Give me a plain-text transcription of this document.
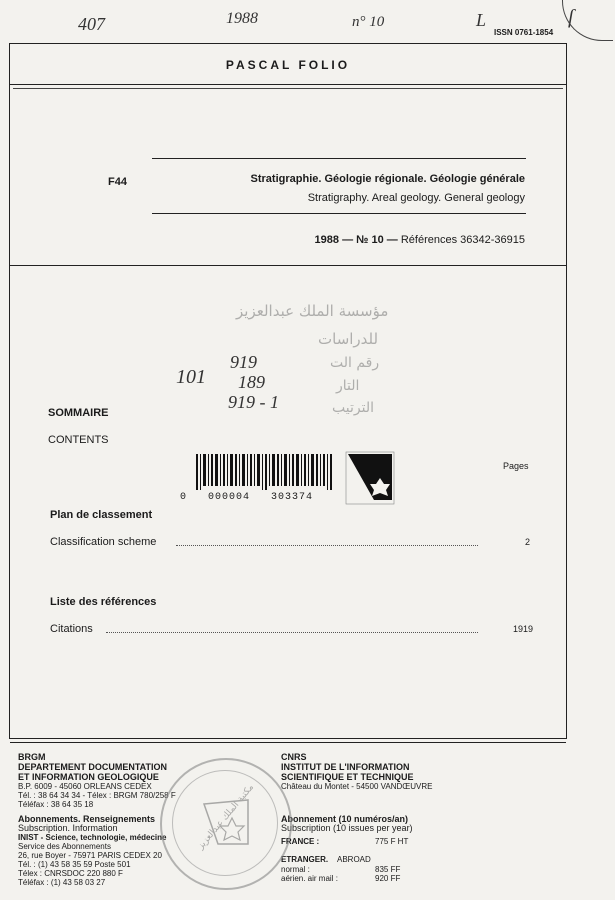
407	1988	n° 10	L
ISSN 0761-1854
ſ
PASCAL FOLIO
F44	Stratigraphie. Géologie régionale. Géologie générale
Stratigraphy. Areal geology. General geology
1988 — № 10 — Références 36342-36915
مؤسسة الملك عبدالعزيز
للدراسات
رقم الت
التار
الترتيب
101
919
189
919 - 1
SOMMAIRE
CONTENTS
Pages
0   000004   303374
Plan de classement
Classification scheme	2
Liste des références
Citations	1919
BRGM
DEPARTEMENT DOCUMENTATION
ET INFORMATION GEOLOGIQUE
B.P. 6009 - 45060 ORLEANS CEDEX
Tél. : 38 64 34 34 - Télex : BRGM 780/258 F
Téléfax : 38 64 35 18
Abonnements. Renseignements
Subscription. Information
INIST - Science, technologie, médecine
Service des Abonnements
26, rue Boyer - 75971 PARIS CEDEX 20
Tél. : (1) 43 58 35 59 Poste 501
Télex : CNRSDOC 220 880 F
Téléfax : (1) 43 58 03 27
CNRS
INSTITUT DE L'INFORMATION
SCIENTIFIQUE ET TECHNIQUE
Château du Montet - 54500 VANDŒUVRE
Abonnement (10 numéros/an)
Subscription (10 issues per year)
FRANCE :	775 F HT
ETRANGER. ABROAD
normal :	835 FF
aérien. air mail :	920 FF
مكتبة الملك عبدالعزيز
